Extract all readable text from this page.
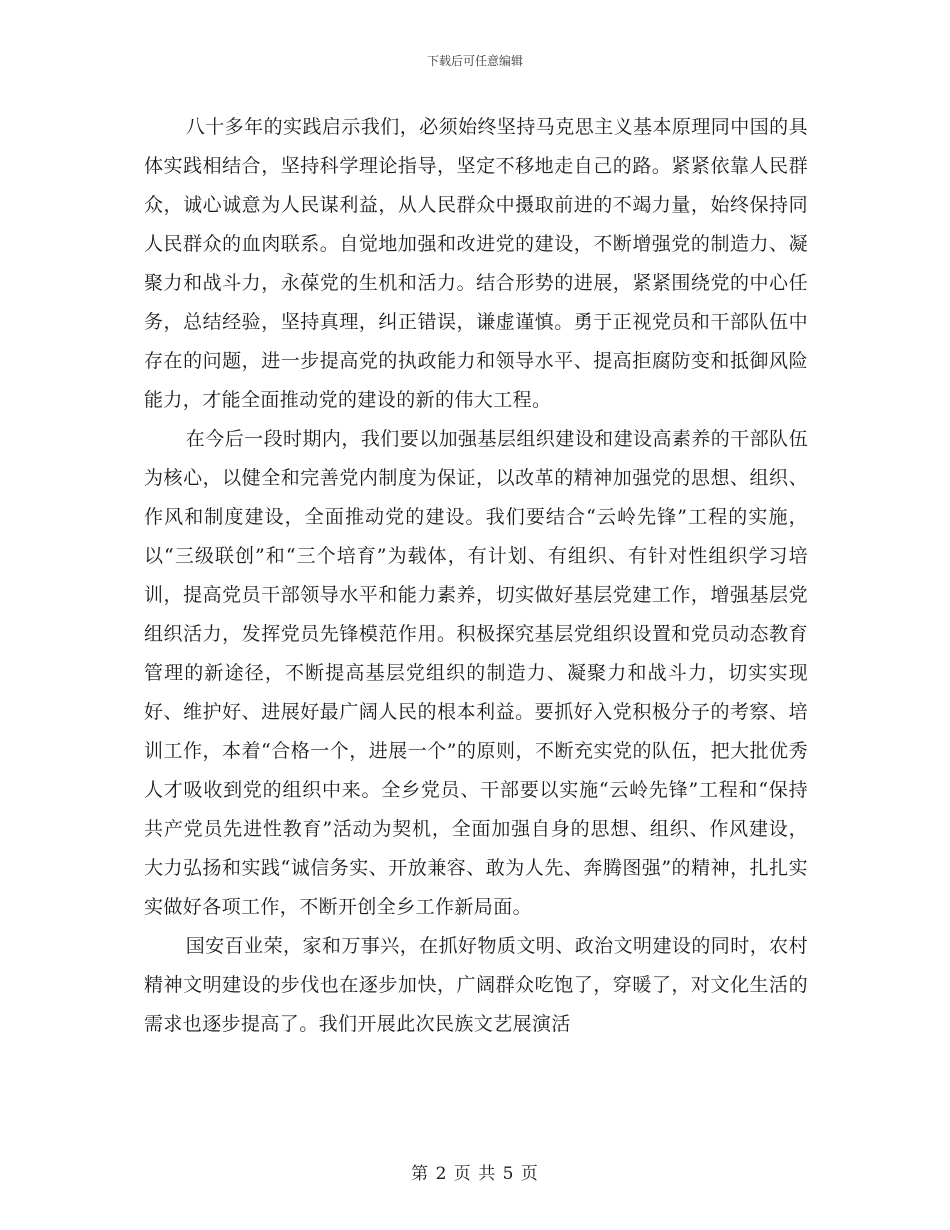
下载后可任意编辑

八十多年的实践启示我们，必须始终坚持马克思主义基本原理同中国的具体实践相结合，坚持科学理论指导，坚定不移地走自己的路。紧紧依靠人民群众，诚心诚意为人民谋利益，从人民群众中摄取前进的不竭力量，始终保持同人民群众的血肉联系。自觉地加强和改进党的建设，不断增强党的制造力、凝聚力和战斗力，永葆党的生机和活力。结合形势的进展，紧紧围绕党的中心任务，总结经验，坚持真理，纠正错误，谦虚谨慎。勇于正视党员和干部队伍中存在的问题，进一步提高党的执政能力和领导水平、提高拒腐防变和抵御风险能力，才能全面推动党的建设的新的伟大工程。

在今后一段时期内，我们要以加强基层组织建设和建设高素养的干部队伍为核心，以健全和完善党内制度为保证，以改革的精神加强党的思想、组织、作风和制度建设，全面推动党的建设。我们要结合“云岭先锋”工程的实施，以“三级联创”和“三个培育”为载体，有计划、有组织、有针对性组织学习培训，提高党员干部领导水平和能力素养，切实做好基层党建工作，增强基层党组织活力，发挥党员先锋模范作用。积极探究基层党组织设置和党员动态教育管理的新途径，不断提高基层党组织的制造力、凝聚力和战斗力，切实实现好、维护好、进展好最广阔人民的根本利益。要抓好入党积极分子的考察、培训工作，本着“合格一个，进展一个”的原则，不断充实党的队伍，把大批优秀人才吸收到党的组织中来。全乡党员、干部要以实施“云岭先锋”工程和“保持共产党员先进性教育”活动为契机，全面加强自身的思想、组织、作风建设，大力弘扬和实践“诚信务实、开放兼容、敢为人先、奔腾图强”的精神，扎扎实实做好各项工作，不断开创全乡工作新局面。

国安百业荣，家和万事兴，在抓好物质文明、政治文明建设的同时，农村精神文明建设的步伐也在逐步加快，广阔群众吃饱了，穿暖了，对文化生活的需求也逐步提高了。我们开展此次民族文艺展演活

第 2 页 共 5 页
